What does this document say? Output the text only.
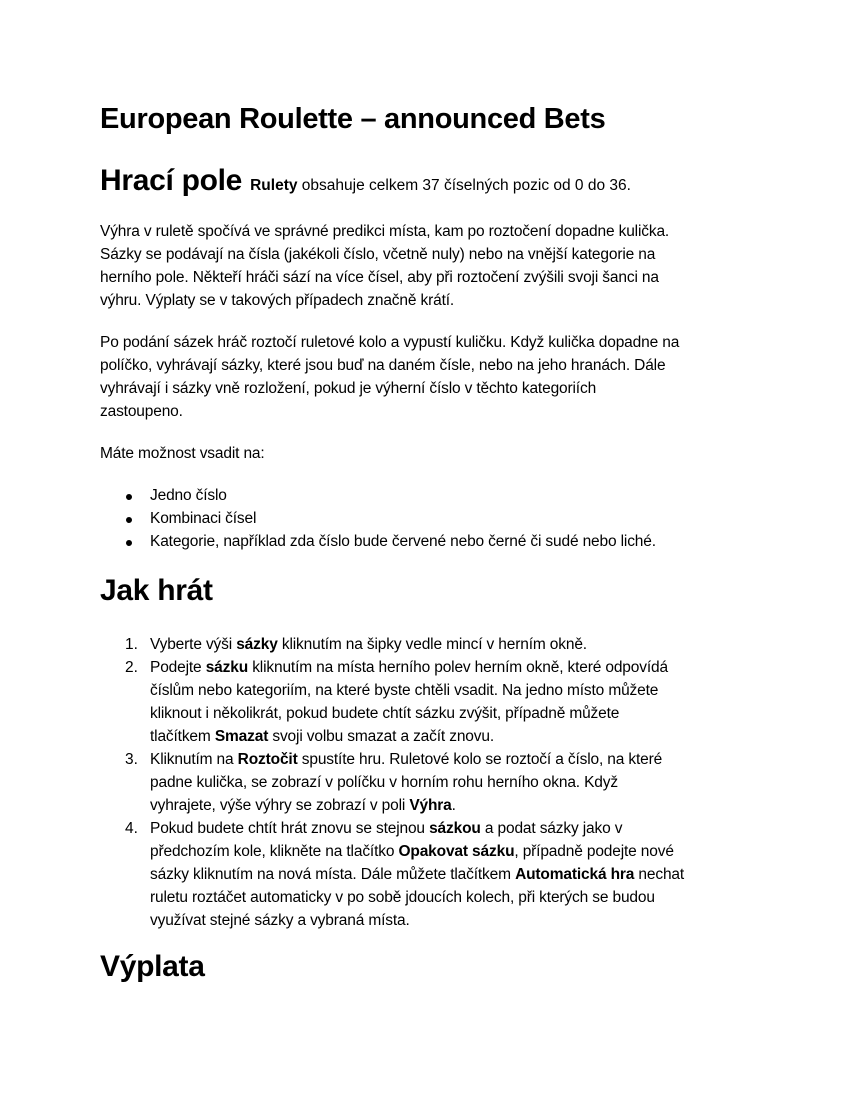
European Roulette – announced Bets
Hrací pole Rulety obsahuje celkem 37 číselných pozic od 0 do 36.
Výhra v ruletě spočívá ve správné predikci místa, kam po roztočení dopadne kulička.
Sázky se podávají na čísla (jakékoli číslo, včetně nuly) nebo na vnější kategorie na
herního pole. Někteří hráči sází na více čísel, aby při roztočení zvýšili svoji šanci na
výhru. Výplaty se v takových případech značně krátí.
Po podání sázek hráč roztočí ruletové kolo a vypustí kuličku. Když kulička dopadne na
políčko, vyhrávají sázky, které jsou buď na daném čísle, nebo na jeho hranách. Dále
vyhrávají i sázky vně rozložení, pokud je výherní číslo v těchto kategoriích
zastoupeno.
Máte možnost vsadit na:
Jedno číslo
Kombinaci čísel
Kategorie, například zda číslo bude červené nebo černé či sudé nebo liché.
Jak hrát
1. Vyberte výši sázky kliknutím na šipky vedle mincí v herním okně.
2. Podejte sázku kliknutím na místa herního polev herním okně, které odpovídá
číslům nebo kategoriím, na které byste chtěli vsadit. Na jedno místo můžete
kliknout i několikrát, pokud budete chtít sázku zvýšit, případně můžete
tlačítkem Smazat svoji volbu smazat a začít znovu.
3. Kliknutím na Roztočit spustíte hru. Ruletové kolo se roztočí a číslo, na které
padne kulička, se zobrazí v políčku v horním rohu herního okna. Když
vyhrajete, výše výhry se zobrazí v poli Výhra.
4. Pokud budete chtít hrát znovu se stejnou sázkou a podat sázky jako v
předchozím kole, klikněte na tlačítko Opakovat sázku, případně podejte nové
sázky kliknutím na nová místa. Dále můžete tlačítkem Automatická hra nechat
ruletu roztáčet automaticky v po sobě jdoucích kolech, při kterých se budou
využívat stejné sázky a vybraná místa.
Výplata
